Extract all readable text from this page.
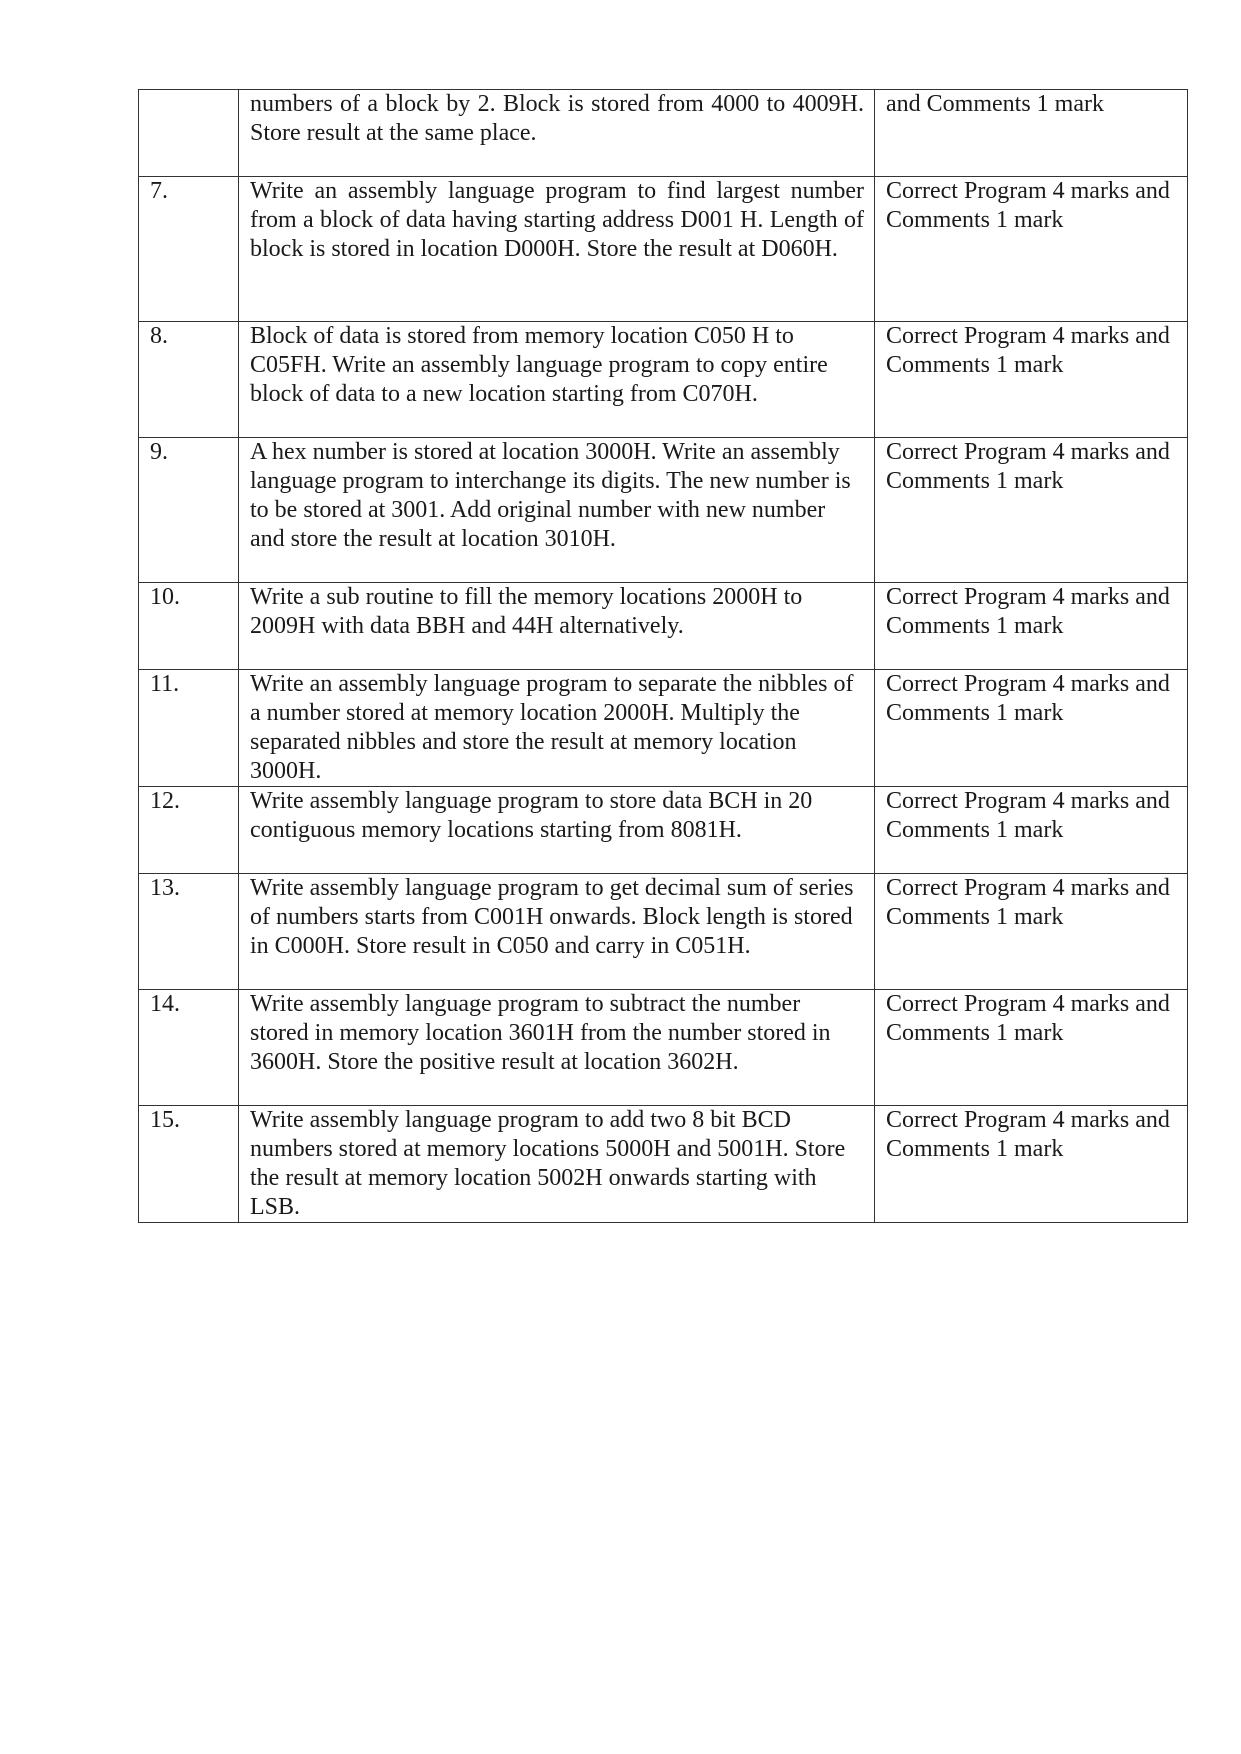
	numbers of a block by 2. Block is stored from 4000 to 4009H. Store result at the same place.	and Comments 1 mark
7.	Write an assembly language program to find largest number from a block of data having starting address D001 H. Length of block is stored in location D000H. Store the result at D060H.	Correct Program 4 marks and Comments 1 mark
8.	Block of data is stored from memory location C050 H to C05FH. Write an assembly language program to copy entire block of data to a new location starting from C070H.	Correct Program 4 marks and Comments 1 mark
9.	A hex number is stored at location 3000H. Write an assembly language program to interchange its digits. The new number is to be stored at 3001. Add original number with new number and store the result at location 3010H.	Correct Program 4 marks and Comments 1 mark
10.	Write a sub routine to fill the memory locations 2000H to 2009H with data BBH and 44H alternatively.	Correct Program 4 marks and Comments 1 mark
11.	Write an assembly language program to separate the nibbles of a number stored at memory location 2000H. Multiply the separated nibbles and store the result at memory location 3000H.	Correct Program 4 marks and Comments 1 mark
12.	Write assembly language program to store data BCH in 20 contiguous memory locations starting from 8081H.	Correct Program 4 marks and Comments 1 mark
13.	Write assembly language program to get decimal sum of series of numbers starts from C001H onwards. Block length is stored in C000H. Store result in C050 and carry in C051H.	Correct Program 4 marks and Comments 1 mark
14.	Write assembly language program to subtract the number stored in memory location 3601H from the number stored in 3600H. Store the positive result at location 3602H.	Correct Program 4 marks and Comments 1 mark
15.	Write assembly language program to add two 8 bit BCD numbers stored at memory locations 5000H and 5001H. Store the result at memory location 5002H onwards starting with LSB.	Correct Program 4 marks and Comments 1 mark
